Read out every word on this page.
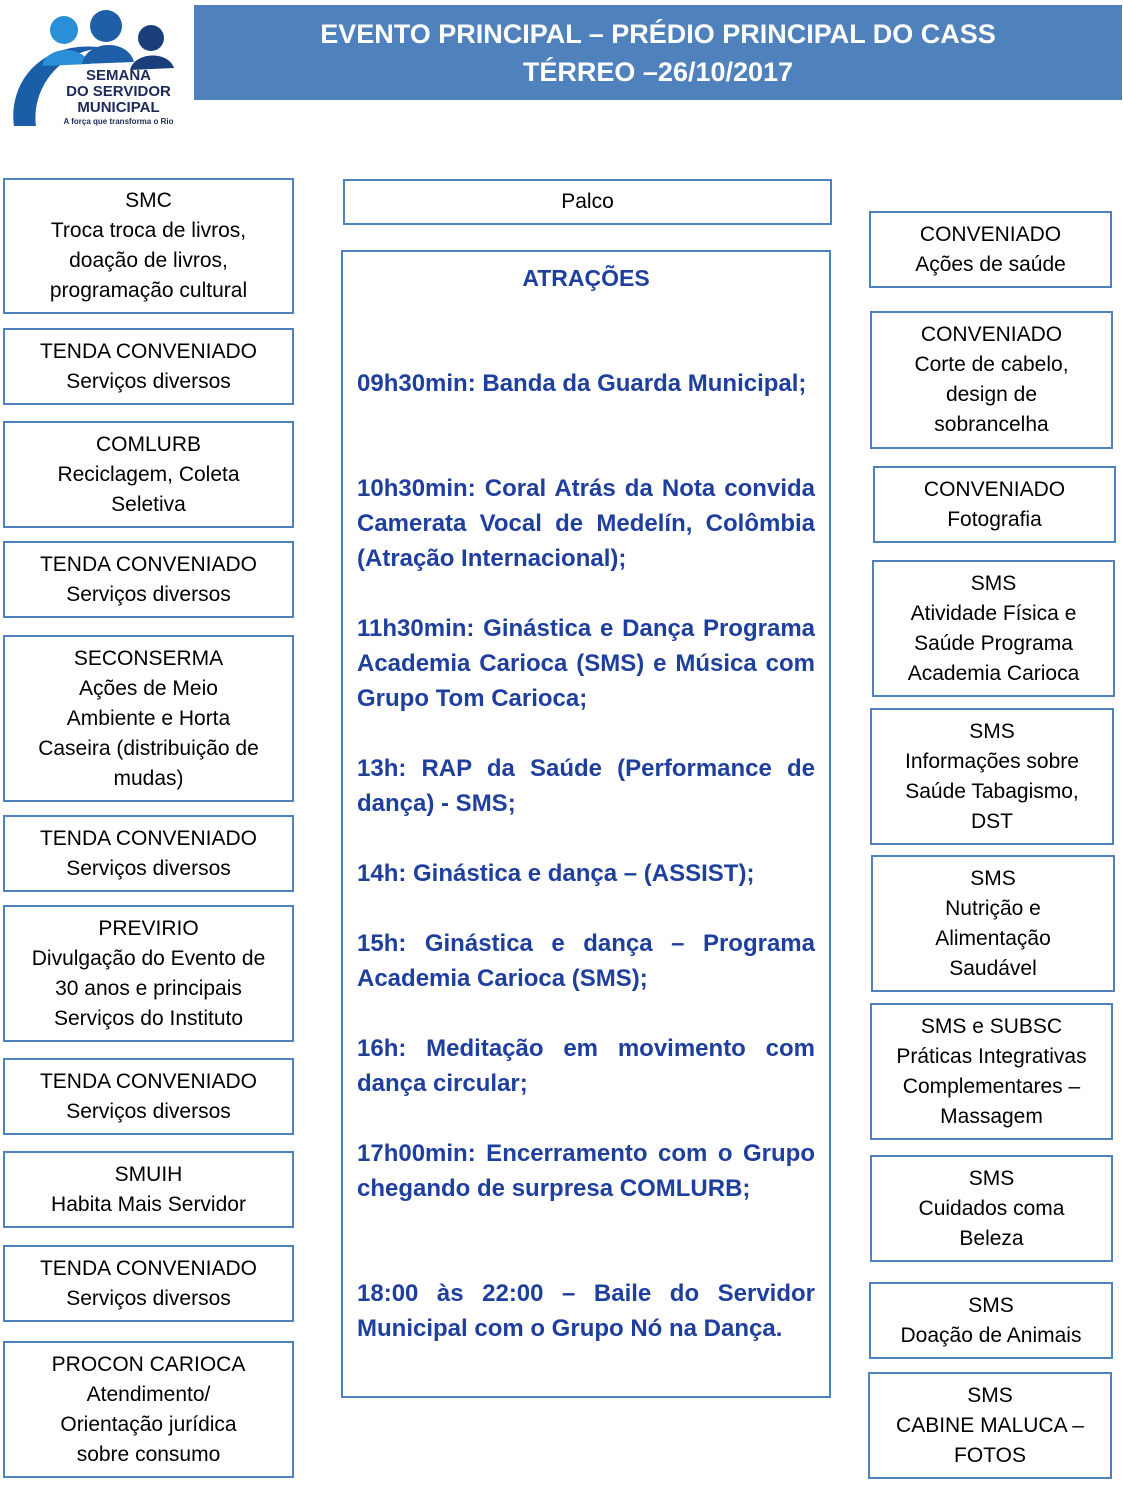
SEMANA
DO SERVIDOR
MUNICIPAL
A força que transforma o Rio
EVENTO PRINCIPAL – PRÉDIO PRINCIPAL DO CASS
TÉRREO –26/10/2017
Palco
ATRAÇÕES
09h30min: Banda da Guarda Municipal;
10h30min: Coral Atrás da Nota convida Camerata Vocal de Medelín, Colômbia (Atração Internacional);
11h30min: Ginástica e Dança Programa Academia Carioca (SMS) e Música com Grupo Tom Carioca;
13h: RAP da Saúde (Performance de dança) - SMS;
14h: Ginástica e dança – (ASSIST);
15h: Ginástica e dança – Programa Academia Carioca (SMS);
16h: Meditação em movimento com dança circular;
17h00min: Encerramento com o Grupo chegando de surpresa COMLURB;
18:00 às 22:00 – Baile do Servidor Municipal com o Grupo Nó na Dança.
SMC
Troca troca de livros,
doação de livros,
programação cultural
TENDA CONVENIADO
Serviços diversos
COMLURB
Reciclagem, Coleta
Seletiva
TENDA CONVENIADO
Serviços diversos
SECONSERMA
Ações de Meio
Ambiente e Horta
Caseira (distribuição de
mudas)
TENDA CONVENIADO
Serviços diversos
PREVIRIO
Divulgação do Evento de
30 anos e principais
Serviços do Instituto
TENDA CONVENIADO
Serviços diversos
SMUIH
Habita Mais Servidor
TENDA CONVENIADO
Serviços diversos
PROCON CARIOCA
Atendimento/
Orientação jurídica
sobre consumo
CONVENIADO
Ações de saúde
CONVENIADO
Corte de cabelo,
design de
sobrancelha
CONVENIADO
Fotografia
SMS
Atividade Física e
Saúde Programa
Academia Carioca
SMS
Informações sobre
Saúde Tabagismo,
DST
SMS
Nutrição e
Alimentação
Saudável
SMS e SUBSC
Práticas Integrativas
Complementares –
Massagem
SMS
Cuidados coma
Beleza
SMS
Doação de Animais
SMS
CABINE MALUCA –
FOTOS
